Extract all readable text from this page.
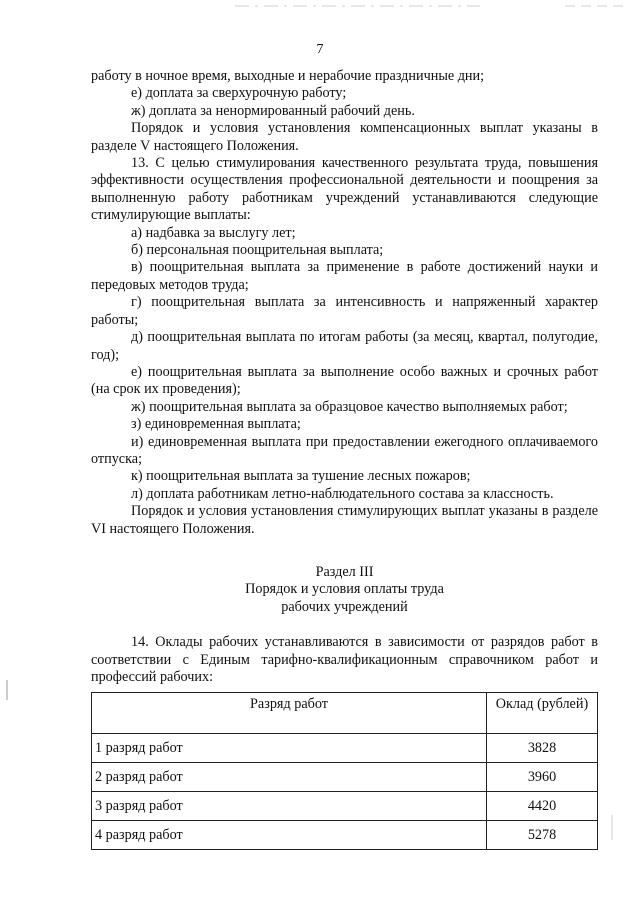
7

работу в ночное время, выходные и нерабочие праздничные дни;

е) доплата за сверхурочную работу;

ж) доплата за ненормированный рабочий день.

Порядок и условия установления компенсационных выплат указаны в разделе V настоящего Положения.

13. С целью стимулирования качественного результата труда, повышения эффективности осуществления профессиональной деятельности и поощрения за выполненную работу работникам учреждений устанавливаются следующие стимулирующие выплаты:

а) надбавка за выслугу лет;

б) персональная поощрительная выплата;

в) поощрительная выплата за применение в работе достижений науки и передовых методов труда;

г) поощрительная выплата за интенсивность и напряженный характер работы;

д) поощрительная выплата по итогам работы (за месяц, квартал, полугодие, год);

е) поощрительная выплата за выполнение особо важных и срочных работ (на срок их проведения);

ж) поощрительная выплата за образцовое качество выполняемых работ;

з) единовременная выплата;

и) единовременная выплата при предоставлении ежегодного оплачиваемого отпуска;

к) поощрительная выплата за тушение лесных пожаров;

л) доплата работникам летно-наблюдательного состава за классность.

Порядок и условия установления стимулирующих выплат указаны в разделе VI настоящего Положения.

Раздел III

Порядок и условия оплаты труда

рабочих учреждений

14. Оклады рабочих устанавливаются в зависимости от разрядов работ в соответствии с Единым тарифно-квалификационным справочником работ и профессий рабочих:

Разряд работ	Оклад (рублей)
1 разряд работ	3828
2 разряд работ	3960
3 разряд работ	4420
4 разряд работ	5278
